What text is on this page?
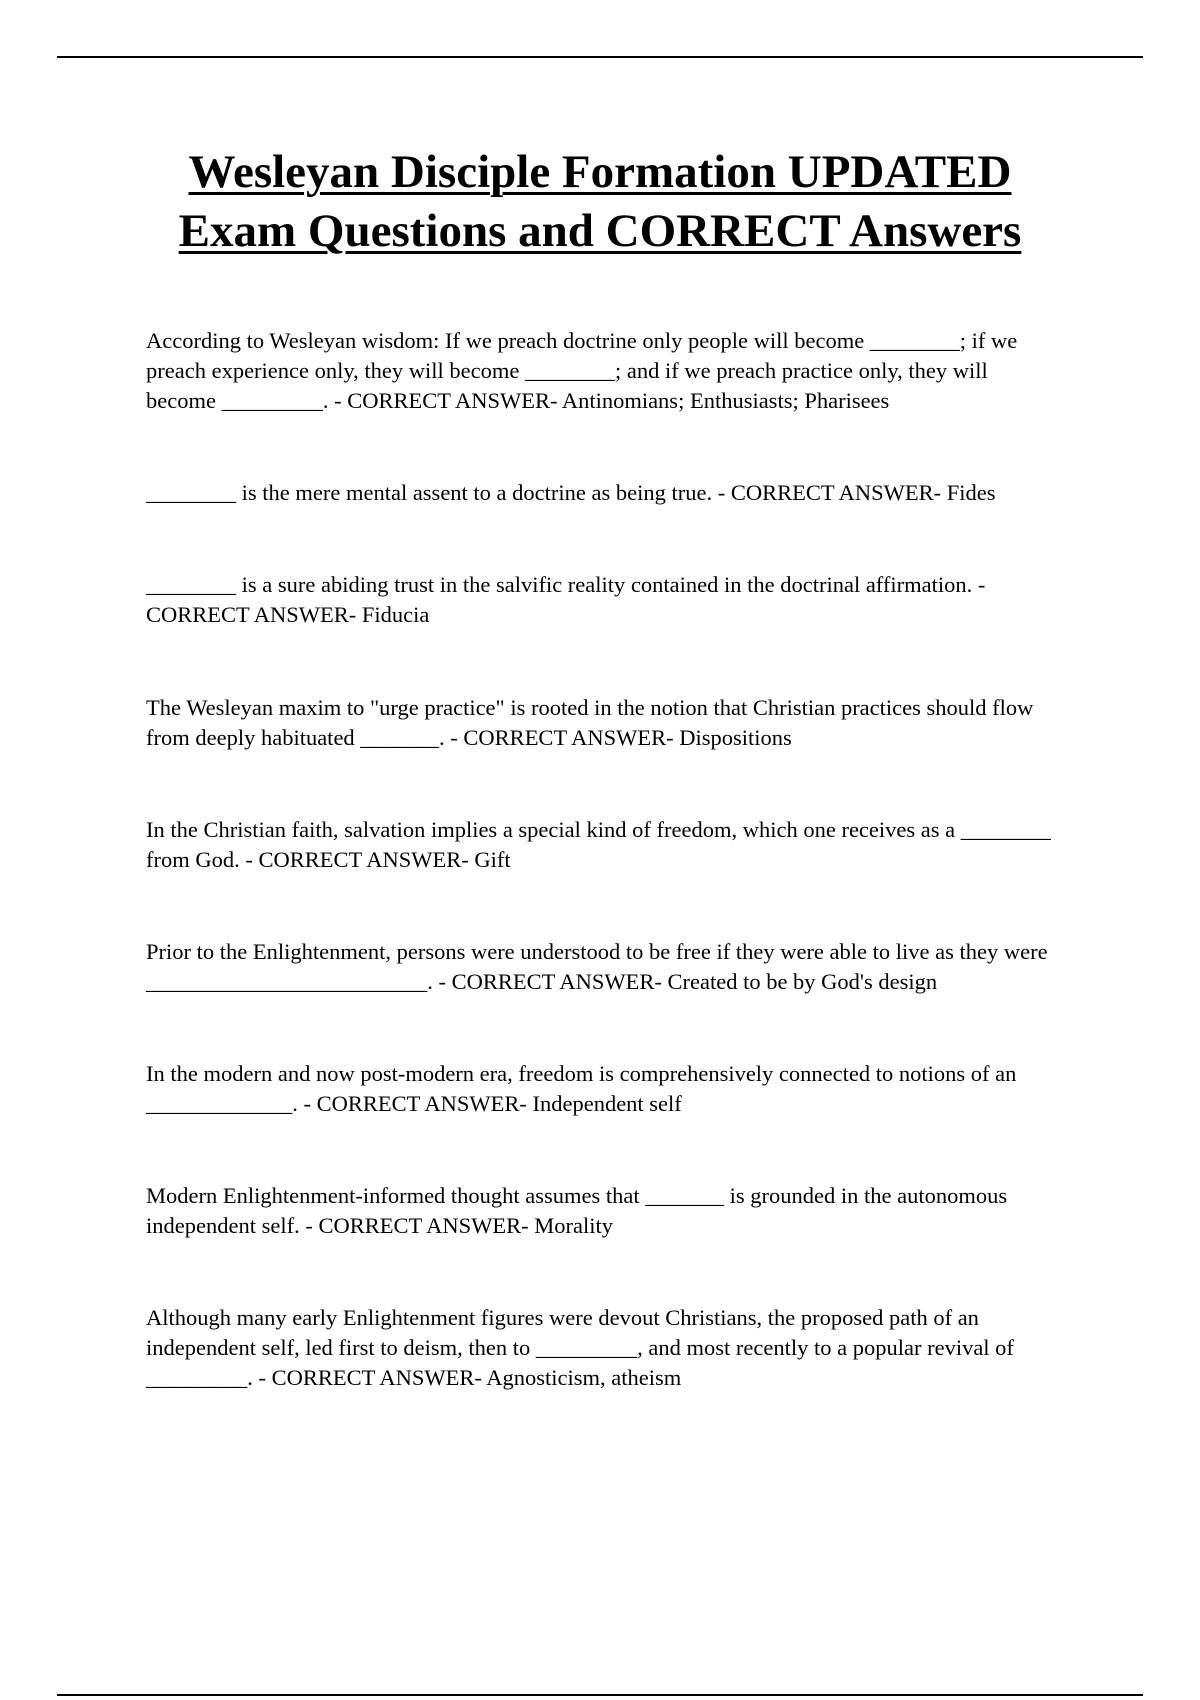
Wesleyan Disciple Formation UPDATED
Exam Questions and CORRECT Answers
According to Wesleyan wisdom: If we preach doctrine only people will become ________; if we preach experience only, they will become ________; and if we preach practice only, they will become _________. - CORRECT ANSWER- Antinomians; Enthusiasts; Pharisees
________ is the mere mental assent to a doctrine as being true. - CORRECT ANSWER- Fides
________ is a sure abiding trust in the salvific reality contained in the doctrinal affirmation. - CORRECT ANSWER- Fiducia
The Wesleyan maxim to "urge practice" is rooted in the notion that Christian practices should flow from deeply habituated _______. - CORRECT ANSWER- Dispositions
In the Christian faith, salvation implies a special kind of freedom, which one receives as a ________ from God. - CORRECT ANSWER- Gift
Prior to the Enlightenment, persons were understood to be free if they were able to live as they were _________________________. - CORRECT ANSWER- Created to be by God's design
In the modern and now post-modern era, freedom is comprehensively connected to notions of an _____________. - CORRECT ANSWER- Independent self
Modern Enlightenment-informed thought assumes that _______ is grounded in the autonomous independent self. - CORRECT ANSWER- Morality
Although many early Enlightenment figures were devout Christians, the proposed path of an independent self, led first to deism, then to _________, and most recently to a popular revival of _________. - CORRECT ANSWER- Agnosticism, atheism
